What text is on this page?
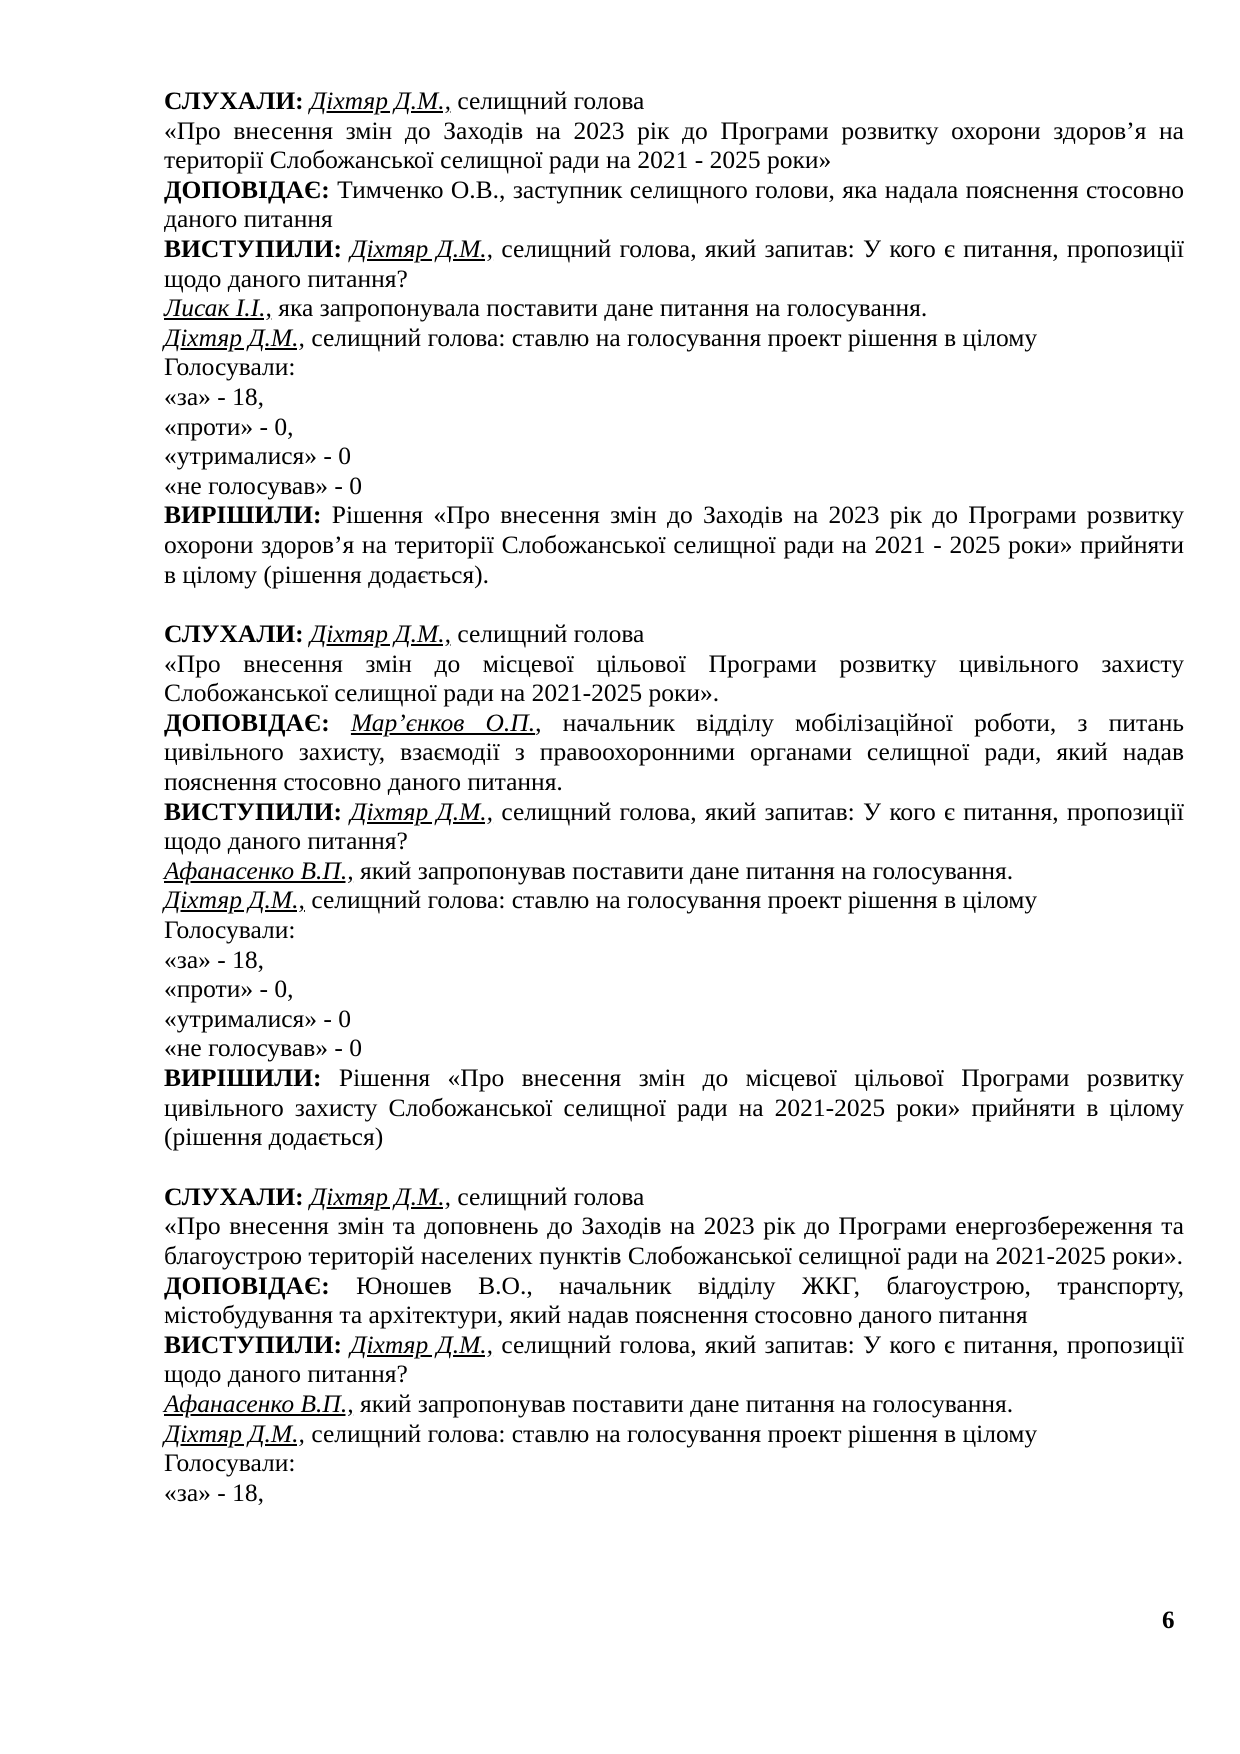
СЛУХАЛИ: Діхтяр Д.М., селищний голова
«Про внесення змін до Заходів на 2023 рік до Програми розвитку охорони здоров’я на території Слобожанської селищної ради на 2021 - 2025 роки»
ДОПОВІДАЄ: Тимченко О.В., заступник селищного голови, яка надала пояснення стосовно даного питання
ВИСТУПИЛИ: Діхтяр Д.М., селищний голова, який запитав: У кого є питання, пропозиції щодо даного питання?
Лисак І.І., яка запропонувала поставити дане питання на голосування.
Діхтяр Д.М., селищний голова: ставлю на голосування проект рішення в цілому
Голосували:
«за» - 18,
«проти» - 0,
«утрималися» - 0
«не голосував» - 0
ВИРІШИЛИ: Рішення «Про внесення змін до Заходів на 2023 рік до Програми розвитку охорони здоров’я на території Слобожанської селищної ради на 2021 - 2025 роки» прийняти в цілому (рішення додається).
СЛУХАЛИ: Діхтяр Д.М., селищний голова
«Про внесення змін до місцевої цільової Програми розвитку цивільного захисту Слобожанської селищної ради на 2021-2025 роки».
ДОПОВІДАЄ: Мар’єнков О.П., начальник відділу мобілізаційної роботи, з питань цивільного захисту, взаємодії з правоохоронними органами селищної ради, який надав пояснення стосовно даного питання.
ВИСТУПИЛИ: Діхтяр Д.М., селищний голова, який запитав: У кого є питання, пропозиції щодо даного питання?
Афанасенко В.П., який запропонував поставити дане питання на голосування.
Діхтяр Д.М., селищний голова: ставлю на голосування проект рішення в цілому
Голосували:
«за» - 18,
«проти» - 0,
«утрималися» - 0
«не голосував» - 0
ВИРІШИЛИ: Рішення «Про внесення змін до місцевої цільової Програми розвитку цивільного захисту Слобожанської селищної ради на 2021-2025 роки» прийняти в цілому (рішення додається)
СЛУХАЛИ: Діхтяр Д.М., селищний голова
«Про внесення змін та доповнень до Заходів на 2023 рік до Програми енергозбереження та благоустрою територій населених пунктів Слобожанської селищної ради на 2021-2025 роки».
ДОПОВІДАЄ: Юношев В.О., начальник відділу ЖКГ, благоустрою, транспорту, містобудування та архітектури, який надав пояснення стосовно даного питання
ВИСТУПИЛИ: Діхтяр Д.М., селищний голова, який запитав: У кого є питання, пропозиції щодо даного питання?
Афанасенко В.П., який запропонував поставити дане питання на голосування.
Діхтяр Д.М., селищний голова: ставлю на голосування проект рішення в цілому
Голосували:
«за» - 18,
6
